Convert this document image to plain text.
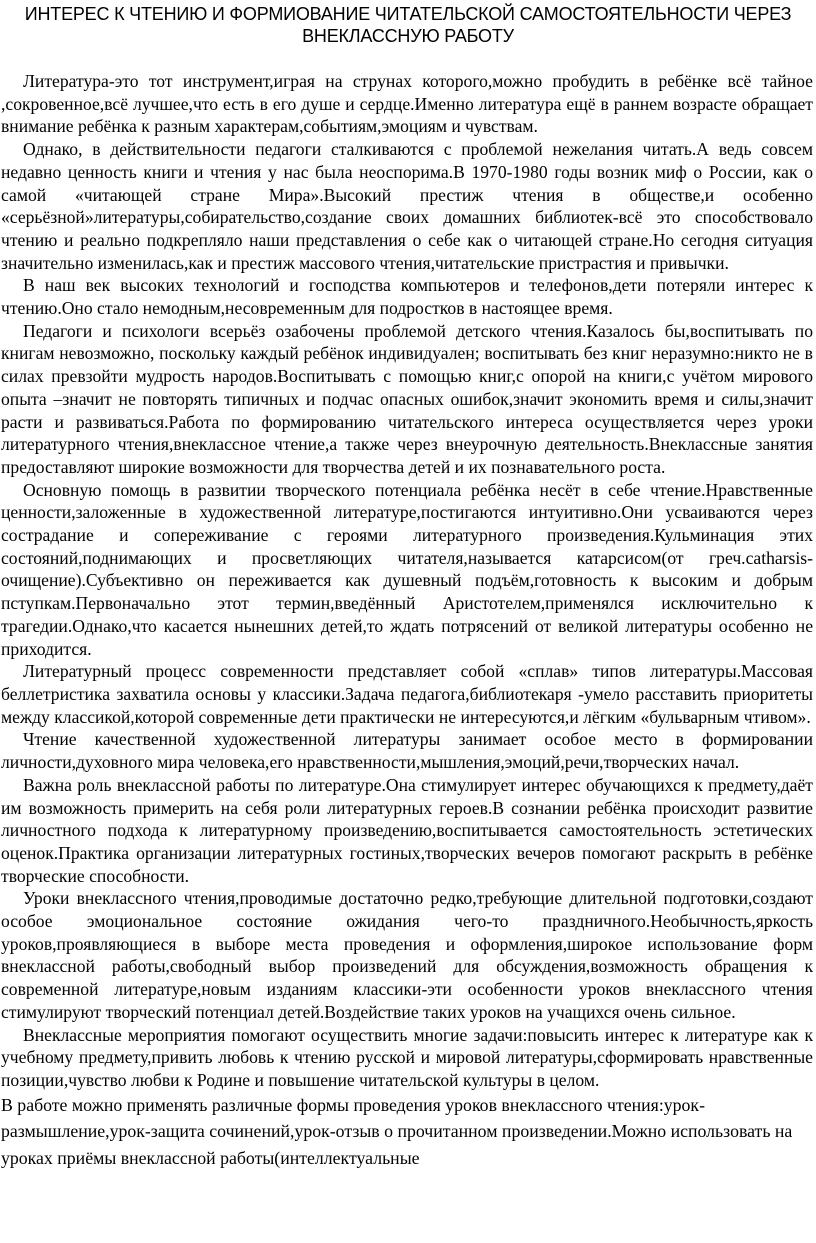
ИНТЕРЕС К ЧТЕНИЮ И ФОРМИОВАНИЕ ЧИТАТЕЛЬСКОЙ САМОСТОЯТЕЛЬНОСТИ ЧЕРЕЗ ВНЕКЛАССНУЮ РАБОТУ

Литература-это тот инструмент,играя на струнах которого,можно пробудить в ребёнке всё тайное ,сокровенное,всё лучшее,что есть в его душе и сердце.Именно литература ещё в раннем возрасте обращает внимание ребёнка к разным характерам,событиям,эмоциям и чувствам.

Однако, в действительности педагоги сталкиваются с проблемой нежелания читать.А ведь совсем недавно ценность книги и чтения у нас была неоспорима.В 1970-1980 годы возник миф о России, как о самой «читающей стране Мира».Высокий престиж чтения в обществе,и особенно «серьёзной»литературы,собирательство,создание своих домашних библиотек-всё это способствовало чтению и реально подкрепляло наши представления о себе как о читающей стране.Но сегодня ситуация значительно изменилась,как и престиж массового чтения,читательские пристрастия и привычки.

В наш век высоких технологий и господства компьютеров и телефонов,дети потеряли интерес к чтению.Оно стало немодным,несовременным для подростков в настоящее время.

Педагоги и психологи всерьёз озабочены проблемой детского чтения.Казалось бы,воспитывать по книгам невозможно, поскольку каждый ребёнок индивидуален; воспитывать без книг неразумно:никто не в силах превзойти мудрость народов.Воспитывать с помощью книг,с опорой на книги,с учётом мирового опыта –значит не повторять типичных и подчас опасных ошибок,значит экономить время и силы,значит расти и развиваться.Работа по формированию читательского интереса осуществляется через уроки литературного чтения,внеклассное чтение,а также через внеурочную деятельность.Внеклассные занятия предоставляют широкие возможности для творчества детей и их познавательного роста.

Основную помощь в развитии творческого потенциала ребёнка несёт в себе чтение.Нравственные ценности,заложенные в художественной литературе,постигаются интуитивно.Они усваиваются через сострадание и сопереживание с героями литературного произведения.Кульминация этих состояний,поднимающих и просветляющих читателя,называется катарсисом(от греч.catharsis-очищение).Субъективно он переживается как душевный подъём,готовность к высоким и добрым пступкам.Первоначально этот термин,введённый Аристотелем,применялся исключительно к трагедии.Однако,что касается нынешних детей,то ждать потрясений от великой литературы особенно не приходится.

Литературный процесс современности представляет собой «сплав» типов литературы.Массовая беллетристика захватила основы у классики.Задача педагога,библиотекаря -умело расставить приоритеты между классикой,которой современные дети практически не интересуются,и лёгким «бульварным чтивом».

Чтение качественной художественной литературы занимает особое место в формировании личности,духовного мира человека,его нравственности,мышления,эмоций,речи,творческих начал.

Важна роль внеклассной работы по литературе.Она стимулирует интерес обучающихся к предмету,даёт им возможность примерить на себя роли литературных героев.В сознании ребёнка происходит развитие личностного подхода к литературному произведению,воспитывается самостоятельность эстетических оценок.Практика организации литературных гостиных,творческих вечеров помогают раскрыть в ребёнке творческие способности.

Уроки внеклассного чтения,проводимые достаточно редко,требующие длительной подготовки,создают особое эмоциональное состояние ожидания чего-то праздничного.Необычность,яркость уроков,проявляющиеся в выборе места проведения и оформления,широкое использование форм внеклассной работы,свободный выбор произведений для обсуждения,возможность обращения к современной литературе,новым изданиям классики-эти особенности уроков внеклассного чтения стимулируют творческий потенциал детей.Воздействие таких уроков на учащихся очень сильное.

Внеклассные мероприятия помогают осуществить многие задачи:повысить интерес к литературе как к учебному предмету,привить любовь к чтению русской и мировой литературы,сформировать нравственные позиции,чувство любви к Родине и повышение читательской культуры в целом.

В работе можно применять различные формы проведения уроков внеклассного чтения:урок-размышление,урок-защита сочинений,урок-отзыв о прочитанном произведении.Можно использовать на уроках приёмы внеклассной работы(интеллектуальные
